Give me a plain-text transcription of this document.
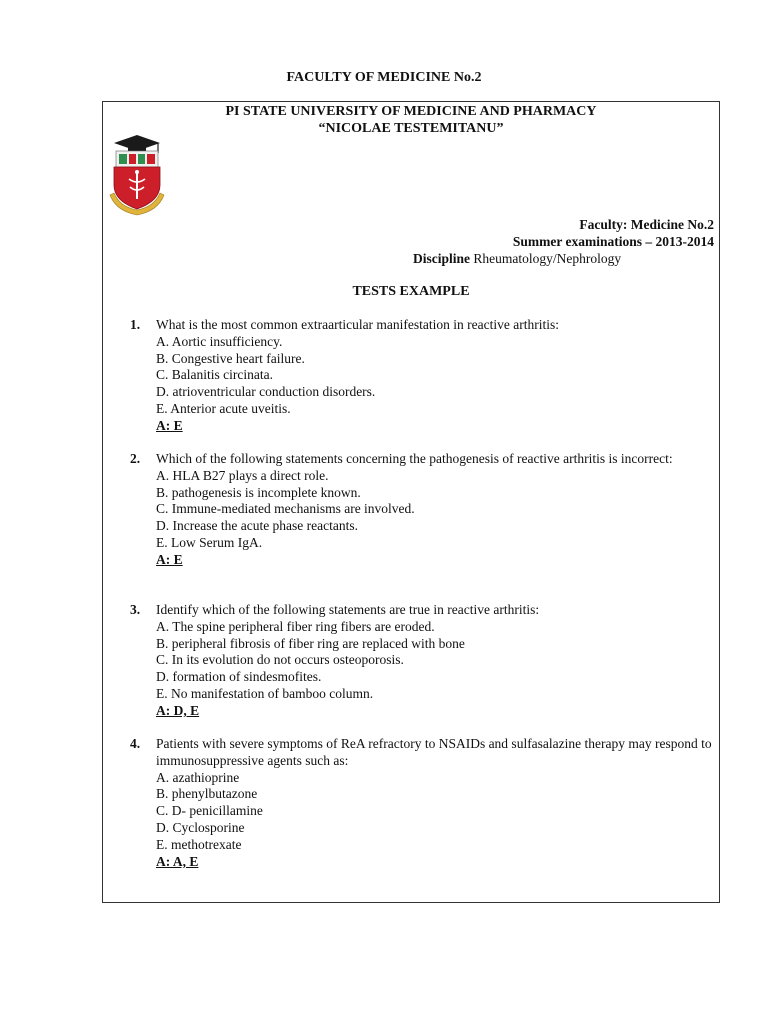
FACULTY OF MEDICINE No.2
PI STATE UNIVERSITY OF MEDICINE AND PHARMACY
“NICOLAE TESTEMITANU”
Faculty: Medicine No.2
Summer examinations – 2013-2014
Discipline Rheumatology/Nephrology
TESTS EXAMPLE
1. What is the most common extraarticular manifestation in reactive arthritis:
A. Aortic insufficiency.
B. Congestive heart failure.
C. Balanitis circinata.
D. atrioventricular conduction disorders.
E. Anterior acute uveitis.
A: E
2. Which of the following statements concerning the pathogenesis of reactive arthritis is incorrect:
A. HLA B27 plays a direct role.
B. pathogenesis is incomplete known.
C. Immune-mediated mechanisms are involved.
D. Increase the acute phase reactants.
E. Low Serum IgA.
A: E
3. Identify which of the following statements are true in reactive arthritis:
A. The spine peripheral fiber ring fibers are eroded.
B. peripheral fibrosis of fiber ring are replaced with bone
C. In its evolution do not occurs osteoporosis.
D. formation of sindesmofites.
E. No manifestation of bamboo column.
A: D, E
4. Patients with severe symptoms of ReA refractory to NSAIDs and sulfasalazine therapy may respond to immunosuppressive agents such as:
A. azathioprine
B. phenylbutazone
C. D- penicillamine
D. Cyclosporine
E. methotrexate
A: A, E
